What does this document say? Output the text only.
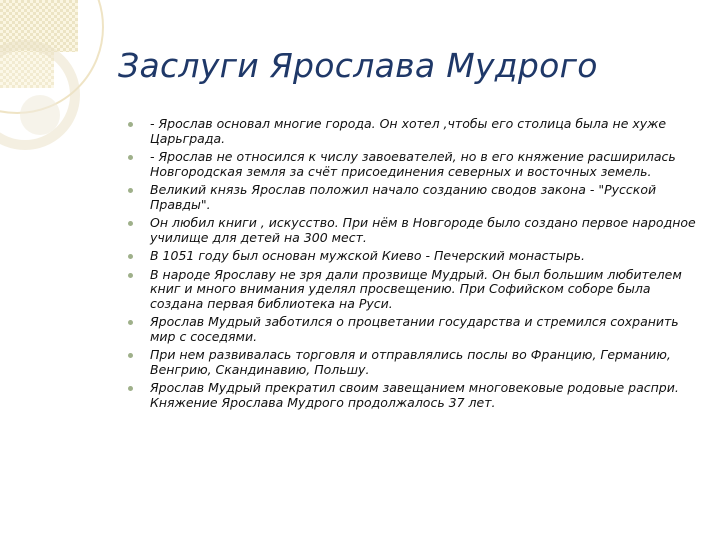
Заслуги Ярослава Мудрого
- Ярослав основал многие города. Он хотел ,чтобы его столица была не хуже Царьграда.
- Ярослав не относился к числу завоевателей, но в его княжение расширилась Новгородская земля за счёт присоединения северных и восточных земель.
Великий князь Ярослав положил начало созданию сводов закона - "Русской Правды".
Он любил книги , искусство. При нём в Новгороде было создано первое народное училище для детей на 300 мест.
В 1051 году был основан мужской Киево - Печерский монастырь.
В народе Ярославу не зря дали прозвище Мудрый. Он был большим любителем книг и много внимания уделял просвещению. При Софийском соборе была создана первая библиотека на Руси.
Ярослав Мудрый заботился о процветании государства и стремился сохранить мир с соседями.
При нем развивалась торговля и отправлялись послы во Францию, Германию, Венгрию, Скандинавию, Польшу.
Ярослав Мудрый прекратил своим завещанием многовековые родовые распри. Княжение Ярослава Мудрого продолжалось 37 лет.
